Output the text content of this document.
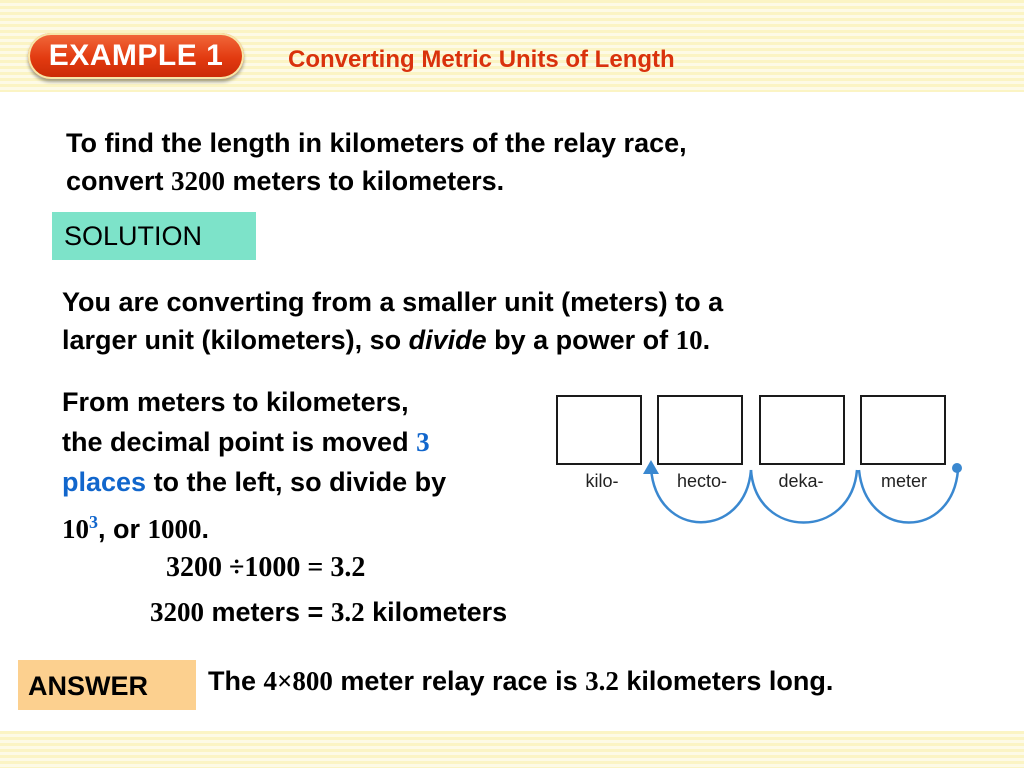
EXAMPLE 1	Converting Metric Units of Length

To find the length in kilometers of the relay race,
convert 3200 meters to kilometers.

SOLUTION

You are converting from a smaller unit (meters) to a
larger unit (kilometers), so divide by a power of 10.

From meters to kilometers,
the decimal point is moved 3
places to the left, so divide by
$10^3$, or 1000.

kilo-	hecto-	deka-	meter
3200 ÷1000 = 3.2
3200 meters = 3.2 kilometers
ANSWER	The 4×800 meter relay race is 3.2 kilometers long.
